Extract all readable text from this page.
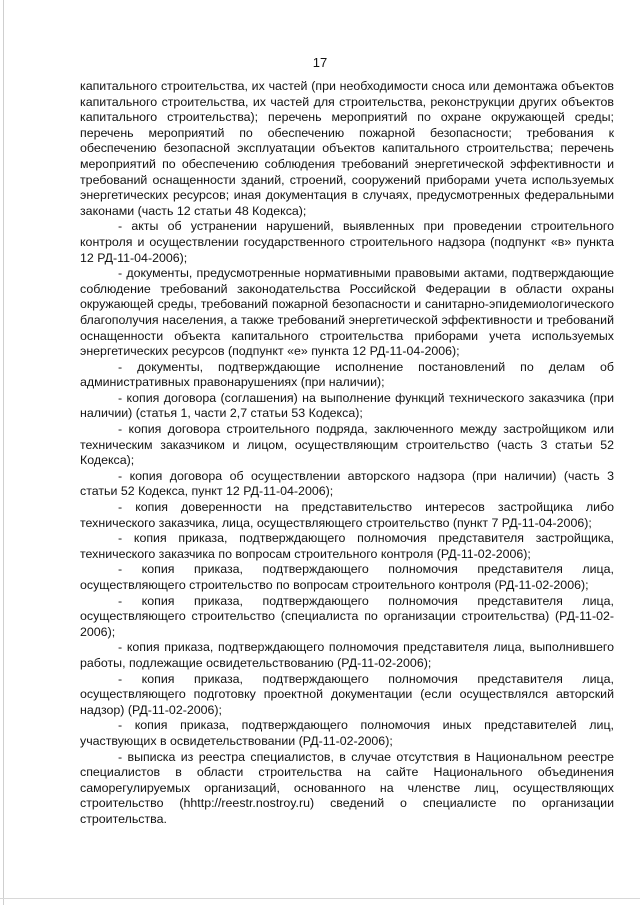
17

капитального строительства, их частей (при необходимости сноса или демонтажа объектов капитального строительства, их частей для строительства, реконструкции других объектов капитального строительства); перечень мероприятий по охране окружающей среды; перечень мероприятий по обеспечению пожарной безопасности; требования к обеспечению безопасной эксплуатации объектов капитального строительства; перечень мероприятий по обеспечению соблюдения требований энергетической эффективности и требований оснащенности зданий, строений, сооружений приборами учета используемых энергетических ресурсов; иная документация в случаях, предусмотренных федеральными законами (часть 12 статьи 48 Кодекса);

- акты об устранении нарушений, выявленных при проведении строительного контроля и осуществлении государственного строительного надзора (подпункт «в» пункта 12 РД-11-04-2006);

- документы, предусмотренные нормативными правовыми актами, подтверждающие соблюдение требований законодательства Российской Федерации в области охраны окружающей среды, требований пожарной безопасности и санитарно-эпидемиологического благополучия населения, а также требований энергетической эффективности и требований оснащенности объекта капитального строительства приборами учета используемых энергетических ресурсов (подпункт «е» пункта 12 РД-11-04-2006);

- документы, подтверждающие исполнение постановлений по делам об административных правонарушениях (при наличии);

- копия договора (соглашения) на выполнение функций технического заказчика (при наличии) (статья 1, части 2,7 статьи 53 Кодекса);

- копия договора строительного подряда, заключенного между застройщиком или техническим заказчиком и лицом, осуществляющим строительство (часть 3 статьи 52 Кодекса);

- копия договора об осуществлении авторского надзора (при наличии) (часть 3 статьи 52 Кодекса, пункт 12 РД-11-04-2006);

- копия доверенности на представительство интересов застройщика либо технического заказчика, лица, осуществляющего строительство (пункт 7 РД-11-04-2006);

- копия приказа, подтверждающего полномочия представителя застройщика, технического заказчика по вопросам строительного контроля (РД-11-02-2006);

- копия приказа, подтверждающего полномочия представителя лица, осуществляющего строительство по вопросам строительного контроля (РД-11-02-2006);

- копия приказа, подтверждающего полномочия представителя лица, осуществляющего строительство (специалиста по организации строительства) (РД-11-02-2006);

- копия приказа, подтверждающего полномочия представителя лица, выполнившего работы, подлежащие освидетельствованию (РД-11-02-2006);

- копия приказа, подтверждающего полномочия представителя лица, осуществляющего подготовку проектной документации (если осуществлялся авторский надзор) (РД-11-02-2006);

- копия приказа, подтверждающего полномочия иных представителей лиц, участвующих в освидетельствовании (РД-11-02-2006);

- выписка из реестра специалистов, в случае отсутствия в Национальном реестре специалистов в области строительства на сайте Национального объединения саморегулируемых организаций, основанного на членстве лиц, осуществляющих строительство (hhttp://reestr.nostroy.ru) сведений о специалисте по организации строительства.
